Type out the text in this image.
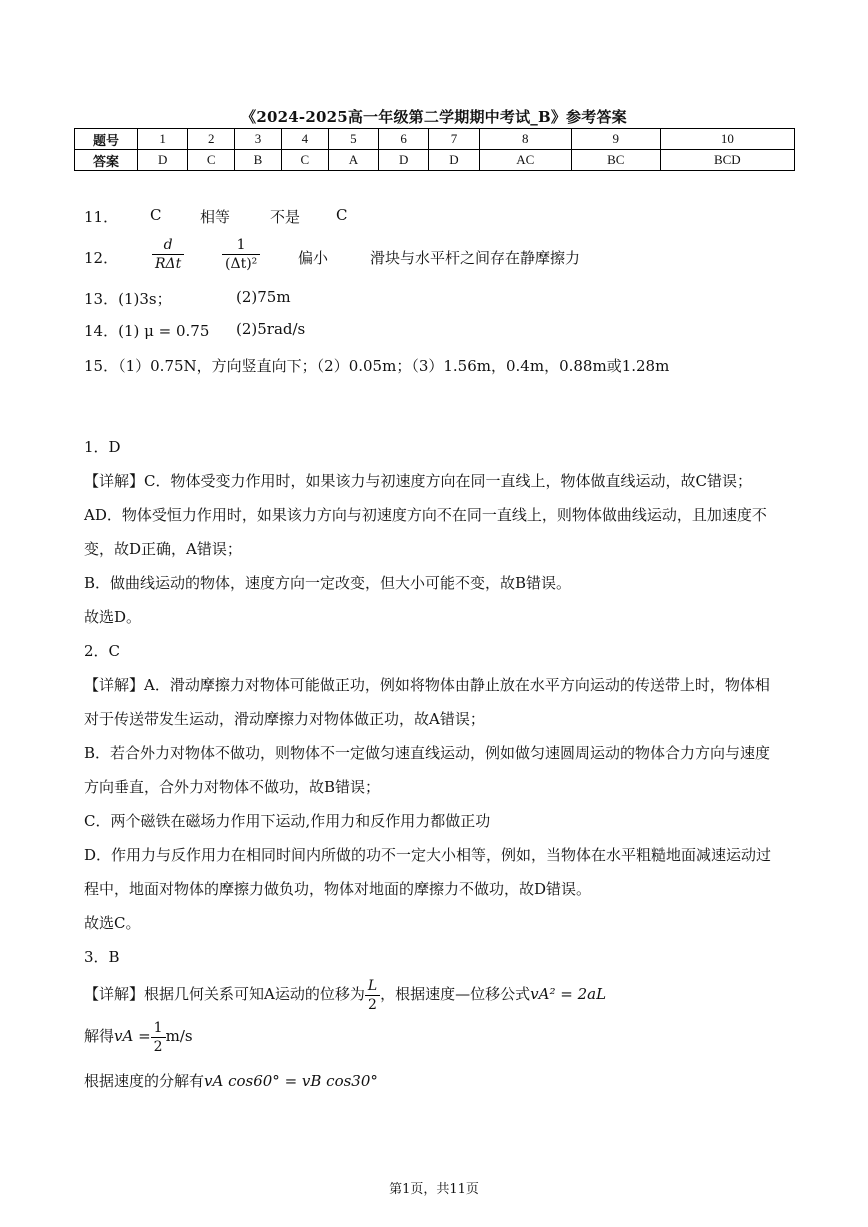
《2024-2025高一年级第二学期期中考试_B》参考答案
题号	1	2	3	4	5	6	7	8	9	10
答案	D	C	B	C	A	D	D	AC	BC	BCD
11． C	相等	不是 C
12．
d
RΔt	$\frac{1}{\text{(Δt)²}}$	偏小	滑块与水平杆之间存在静摩擦力
13．(1)3s；	(2)75m
14．(1) μ = 0.75 (2)5rad/s
15．（1）0.75N，方向竖直向下；（2）0.05m；（3）1.56m，0.4m，0.88m或1.28m
1．D
【详解】C．物体受变力作用时，如果该力与初速度方向在同一直线上，物体做直线运动，故C错误；
AD．物体受恒力作用时，如果该力方向与初速度方向不在同一直线上，则物体做曲线运动，且加速度不
变，故D正确，A错误；
B．做曲线运动的物体，速度方向一定改变，但大小可能不变，故B错误。
故选D。
2．C
【详解】A．滑动摩擦力对物体可能做正功，例如将物体由静止放在水平方向运动的传送带上时，物体相
对于传送带发生运动，滑动摩擦力对物体做正功，故A错误；
B．若合外力对物体不做功，则物体不一定做匀速直线运动，例如做匀速圆周运动的物体合力方向与速度
方向垂直，合外力对物体不做功，故B错误；
C．两个磁铁在磁场力作用下运动,作用力和反作用力都做正功
D．作用力与反作用力在相同时间内所做的功不一定大小相等，例如，当物体在水平粗糙地面减速运动过
程中，地面对物体的摩擦力做负功，物体对地面的摩擦力不做功，故D错误。
故选C。
3．B
【详解】根据几何关系可知A运动的位移为 $\frac{L}{2}$ ，根据速度—位移公式vA² = 2aL
解得vA = $\frac{1}{2} m/s$
根据速度的分解有vA cos60° = vB cos30°
第1页，共11页
